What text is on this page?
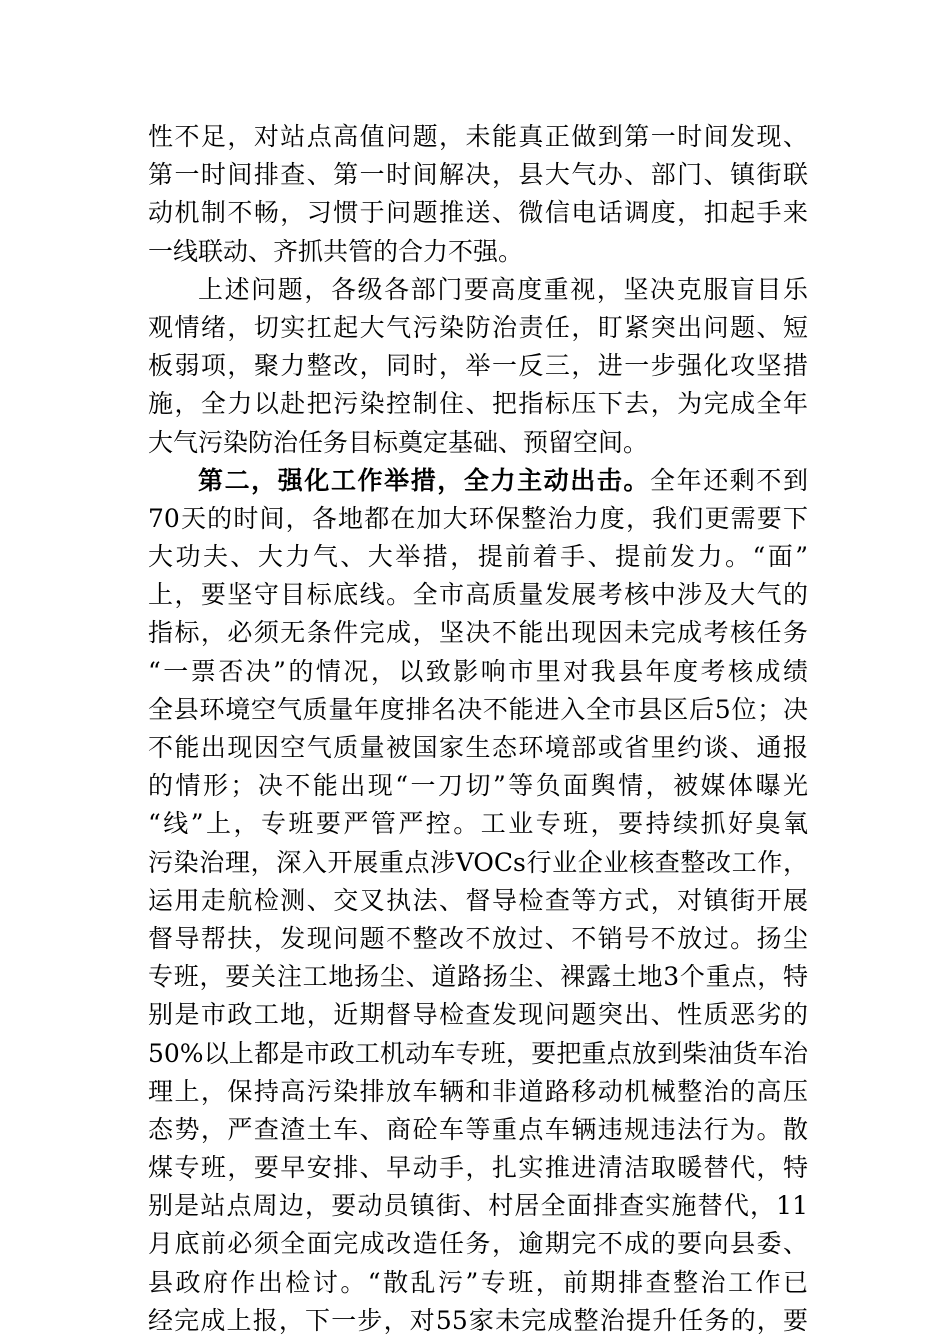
性不足，对站点高值问题，未能真正做到第一时间发现、
第一时间排查、第一时间解决，县大气办、部门、镇街联
动机制不畅，习惯于问题推送、微信电话调度，扣起手来
一线联动、齐抓共管的合力不强。
上述问题，各级各部门要高度重视，坚决克服盲目乐
观情绪，切实扛起大气污染防治责任，盯紧突出问题、短
板弱项，聚力整改，同时，举一反三，进一步强化攻坚措
施，全力以赴把污染控制住、把指标压下去，为完成全年
大气污染防治任务目标奠定基础、预留空间。
第二，强化工作举措，全力主动出击。全年还剩不到
70天的时间，各地都在加大环保整治力度，我们更需要下
大功夫、大力气、大举措，提前着手、提前发力。“面”
上，要坚守目标底线。全市高质量发展考核中涉及大气的
指标，必须无条件完成，坚决不能出现因未完成考核任务
“一票否决”的情况，以致影响市里对我县年度考核成绩
全县环境空气质量年度排名决不能进入全市县区后5位；决
不能出现因空气质量被国家生态环境部或省里约谈、通报
的情形；决不能出现“一刀切”等负面舆情，被媒体曝光
“线”上，专班要严管严控。工业专班，要持续抓好臭氧
污染治理，深入开展重点涉VOCs行业企业核查整改工作，
运用走航检测、交叉执法、督导检查等方式，对镇街开展
督导帮扶，发现问题不整改不放过、不销号不放过。扬尘
专班，要关注工地扬尘、道路扬尘、裸露土地3个重点，特
别是市政工地，近期督导检查发现问题突出、性质恶劣的
50%以上都是市政工机动车专班，要把重点放到柴油货车治
理上，保持高污染排放车辆和非道路移动机械整治的高压
态势，严查渣土车、商砼车等重点车辆违规违法行为。散
煤专班，要早安排、早动手，扎实推进清洁取暖替代，特
别是站点周边，要动员镇街、村居全面排查实施替代，11
月底前必须全面完成改造任务，逾期完不成的要向县委、
县政府作出检讨。“散乱污”专班，前期排查整治工作已
经完成上报，下一步，对55家未完成整治提升任务的，要
